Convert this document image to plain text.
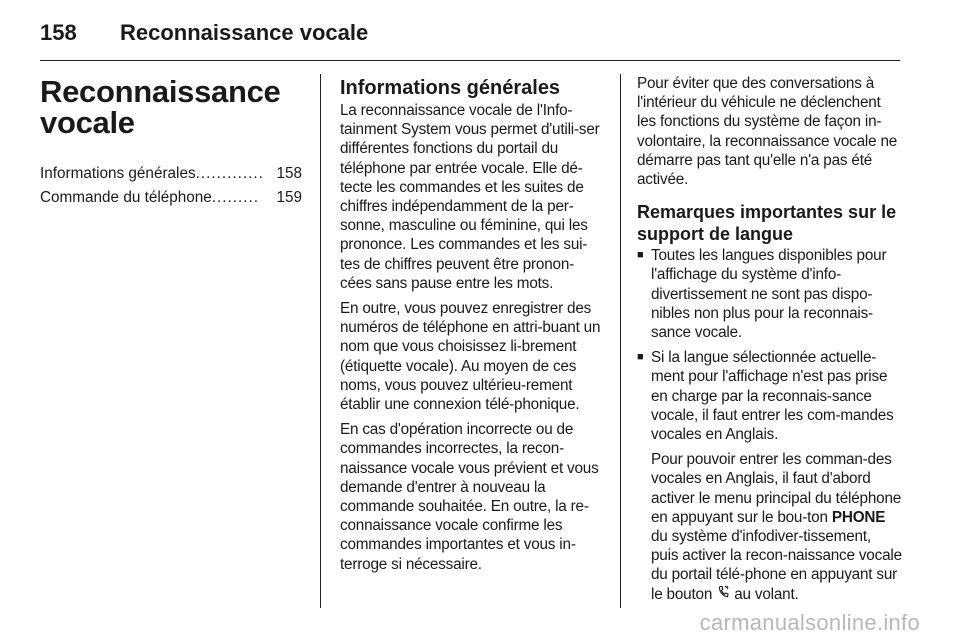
158	Reconnaissance vocale
Reconnaissance vocale
Informations générales ............. 158
Commande du téléphone .........	159
Informations générales

La reconnaissance vocale de l'Info-tainment System vous permet d'utili-ser différentes fonctions du portail du téléphone par entrée vocale. Elle dé-tecte les commandes et les suites de chiffres indépendamment de la per-sonne, masculine ou féminine, qui les prononce. Les commandes et les sui-tes de chiffres peuvent être pronon-cées sans pause entre les mots.

En outre, vous pouvez enregistrer des numéros de téléphone en attri-buant un nom que vous choisissez li-brement (étiquette vocale). Au moyen de ces noms, vous pouvez ultérieu-rement établir une connexion télé-phonique.

En cas d'opération incorrecte ou de commandes incorrectes, la recon-naissance vocale vous prévient et vous demande d'entrer à nouveau la commande souhaitée. En outre, la re-connaissance vocale confirme les commandes importantes et vous in-terroge si nécessaire.

Pour éviter que des conversations à l'intérieur du véhicule ne déclenchent les fonctions du système de façon in-volontaire, la reconnaissance vocale ne démarre pas tant qu'elle n'a pas été activée.

Remarques importantes sur le support de langue
■ Toutes les langues disponibles pour l'affichage du système d'info-divertissement ne sont pas dispo-nibles non plus pour la reconnais-sance vocale.

■ Si la langue sélectionnée actuelle-ment pour l'affichage n'est pas prise en charge par la reconnais-sance vocale, il faut entrer les com-mandes vocales en Anglais.

Pour pouvoir entrer les comman-des vocales en Anglais, il faut d'abord activer le menu principal du téléphone en appuyant sur le bou-ton PHONE du système d'infodiver-tissement, puis activer la recon-naissance vocale du portail télé-phone en appuyant sur le bouton  au volant.

carmanualsonline.info
